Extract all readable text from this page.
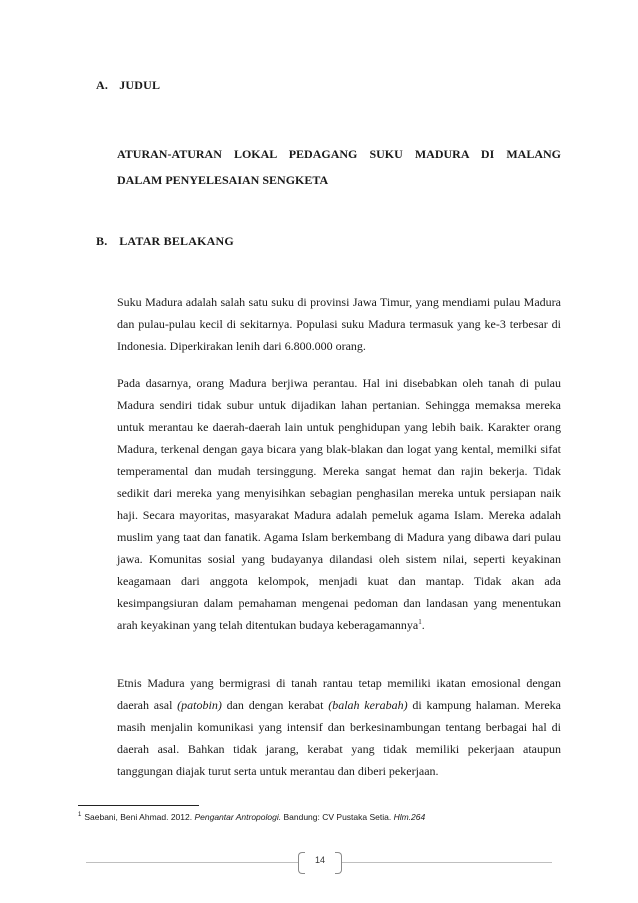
A. JUDUL
ATURAN-ATURAN LOKAL PEDAGANG SUKU MADURA DI MALANG
DALAM PENYELESAIAN SENGKETA
B. LATAR BELAKANG

Suku Madura adalah salah satu suku di provinsi Jawa Timur, yang mendiami pulau Madura dan pulau-pulau kecil di sekitarnya. Populasi suku Madura termasuk yang ke-3 terbesar di Indonesia. Diperkirakan lenih dari 6.800.000 orang.

Pada dasarnya, orang Madura berjiwa perantau. Hal ini disebabkan oleh tanah di pulau Madura sendiri tidak subur untuk dijadikan lahan pertanian. Sehingga memaksa mereka untuk merantau ke daerah-daerah lain untuk penghidupan yang lebih baik. Karakter orang Madura, terkenal dengan gaya bicara yang blak-blakan dan logat yang kental, memilki sifat temperamental dan mudah tersinggung. Mereka sangat hemat dan rajin bekerja. Tidak sedikit dari mereka yang menyisihkan sebagian penghasilan mereka untuk persiapan naik haji. Secara mayoritas, masyarakat Madura adalah pemeluk agama Islam. Mereka adalah muslim yang taat dan fanatik. Agama Islam berkembang di Madura yang dibawa dari pulau jawa. Komunitas sosial yang budayanya dilandasi oleh sistem nilai, seperti keyakinan keagamaan dari anggota kelompok, menjadi kuat dan mantap. Tidak akan ada kesimpangsiuran dalam pemahaman mengenai pedoman dan landasan yang menentukan arah keyakinan yang telah ditentukan budaya keberagamannya$^1$.

Etnis Madura yang bermigrasi di tanah rantau tetap memiliki ikatan emosional dengan daerah asal (patobin) dan dengan kerabat (balah kerabah) di kampung halaman. Mereka masih menjalin komunikasi yang intensif dan berkesinambungan tentang berbagai hal di daerah asal. Bahkan tidak jarang, kerabat yang tidak memiliki pekerjaan ataupun tanggungan diajak turut serta untuk merantau dan diberi pekerjaan.

$^1$ Saebani, Beni Ahmad. 2012. Pengantar Antropologi. Bandung: CV Pustaka Setia. Hlm.264
14
